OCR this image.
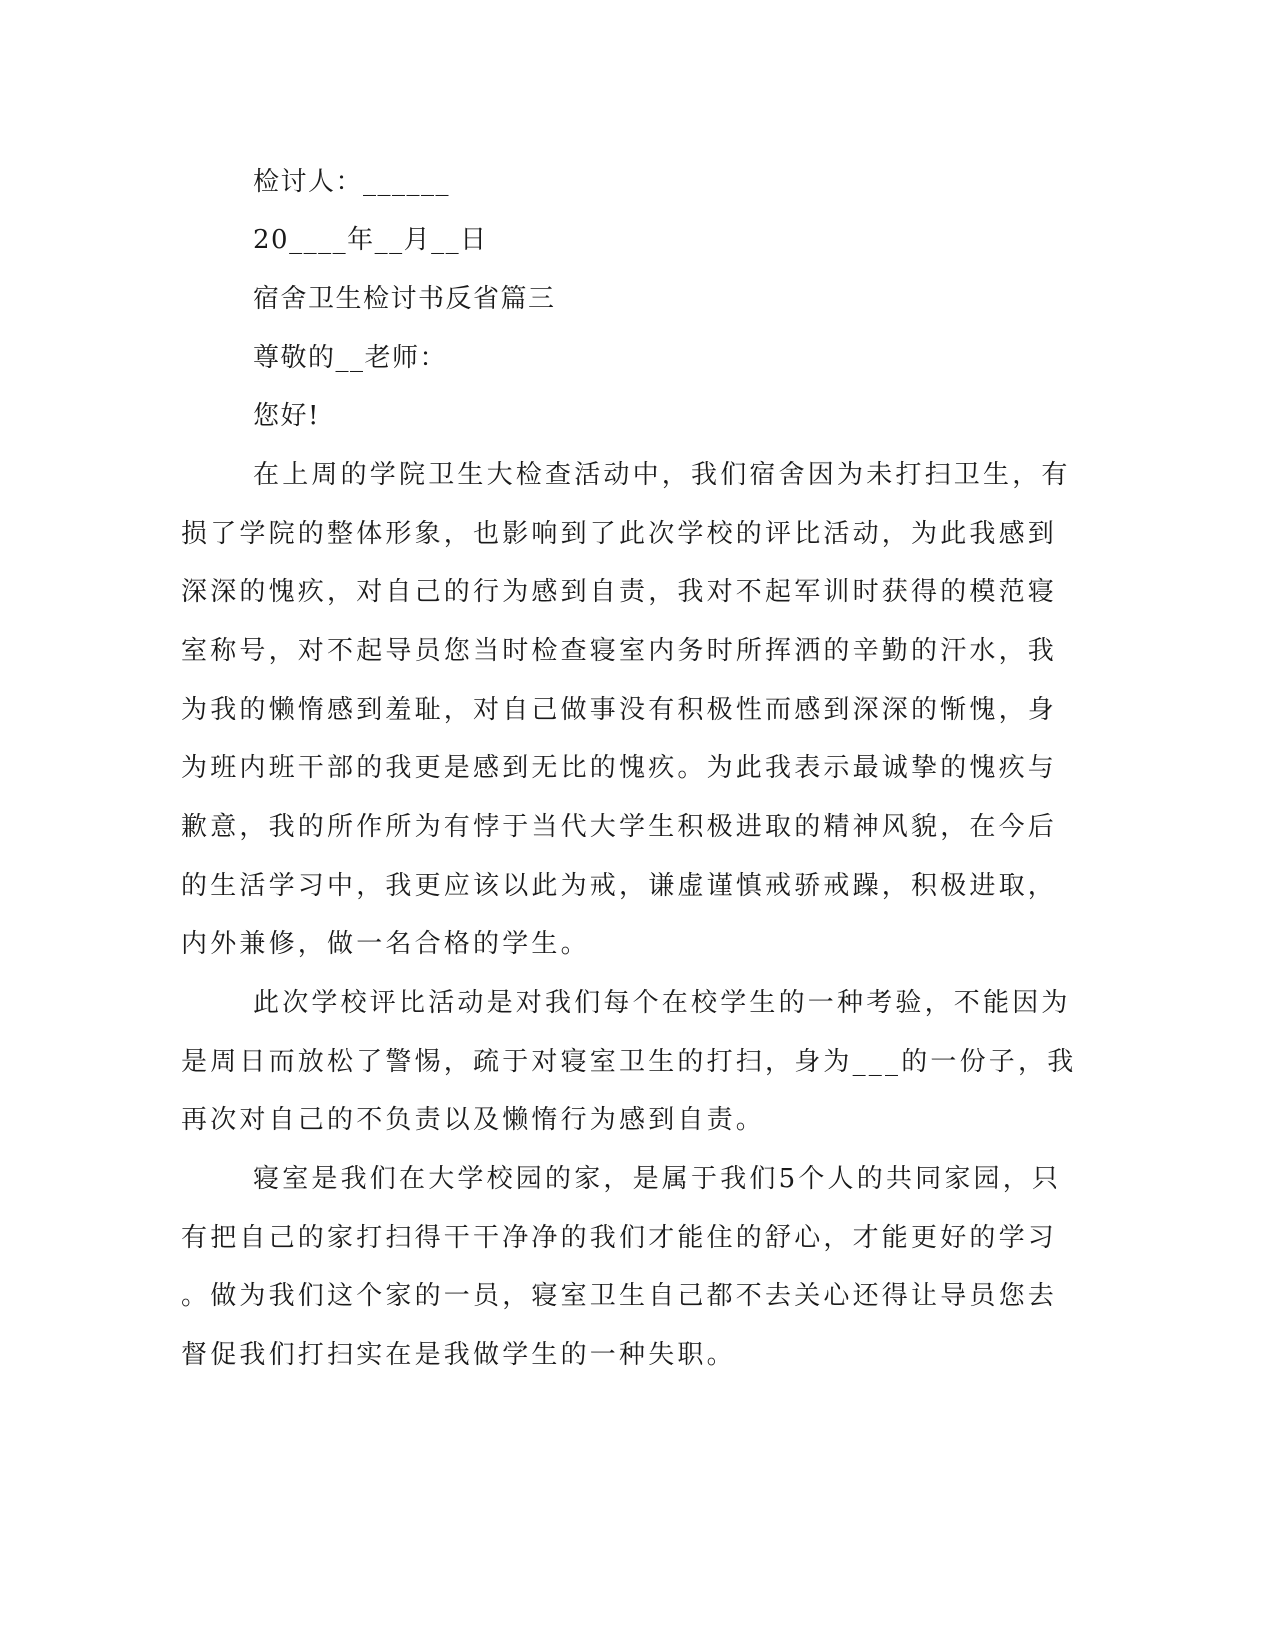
检讨人：______
20____年__月__日
宿舍卫生检讨书反省篇三
尊敬的__老师：
您好!
在上周的学院卫生大检查活动中，我们宿舍因为未打扫卫生，有
损了学院的整体形象，也影响到了此次学校的评比活动，为此我感到
深深的愧疚，对自己的行为感到自责，我对不起军训时获得的模范寝
室称号，对不起导员您当时检查寝室内务时所挥洒的辛勤的汗水，我
为我的懒惰感到羞耻，对自己做事没有积极性而感到深深的惭愧，身
为班内班干部的我更是感到无比的愧疚。为此我表示最诚挚的愧疚与
歉意，我的所作所为有悖于当代大学生积极进取的精神风貌，在今后
的生活学习中，我更应该以此为戒，谦虚谨慎戒骄戒躁，积极进取，
内外兼修，做一名合格的学生。
此次学校评比活动是对我们每个在校学生的一种考验，不能因为
是周日而放松了警惕，疏于对寝室卫生的打扫，身为___的一份子，我
再次对自己的不负责以及懒惰行为感到自责。
寝室是我们在大学校园的家，是属于我们5个人的共同家园，只
有把自己的家打扫得干干净净的我们才能住的舒心，才能更好的学习
。做为我们这个家的一员，寝室卫生自己都不去关心还得让导员您去
督促我们打扫实在是我做学生的一种失职。
